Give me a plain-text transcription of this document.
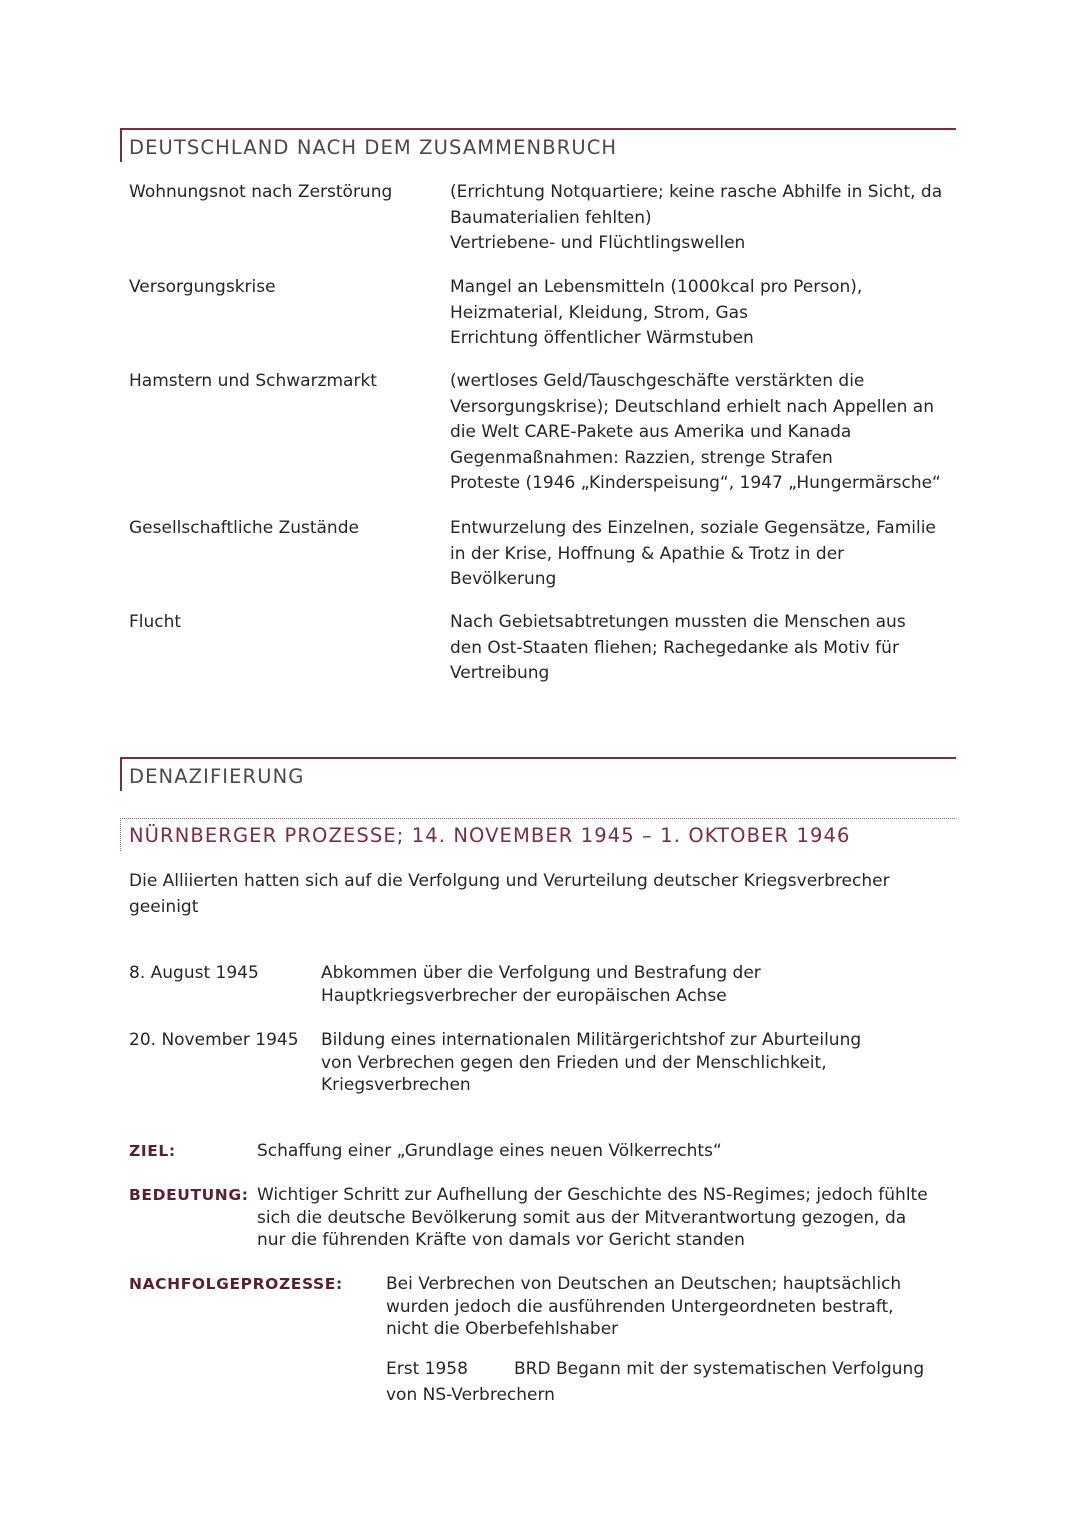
DEUTSCHLAND NACH DEM ZUSAMMENBRUCH
Wohnungsnot nach Zerstörung	(Errichtung Notquartiere; keine rasche Abhilfe in Sicht, da
Baumaterialien fehlten)
Vertriebene- und Flüchtlingswellen
Versorgungskrise	Mangel an Lebensmitteln (1000kcal pro Person),
Heizmaterial, Kleidung, Strom, Gas
Errichtung öffentlicher Wärmstuben
Hamstern und Schwarzmarkt	(wertloses Geld/Tauschgeschäfte verstärkten die
Versorgungskrise); Deutschland erhielt nach Appellen an
die Welt CARE-Pakete aus Amerika und Kanada
Gegenmaßnahmen: Razzien, strenge Strafen
Proteste (1946 „Kinderspeisung“, 1947 „Hungermärsche“
Gesellschaftliche Zustände	Entwurzelung des Einzelnen, soziale Gegensätze, Familie
in der Krise, Hoffnung & Apathie & Trotz in der
Bevölkerung
Flucht	Nach Gebietsabtretungen mussten die Menschen aus
den Ost-Staaten fliehen; Rachegedanke als Motiv für
Vertreibung
DENAZIFIERUNG
NÜRNBERGER PROZESSE; 14. NOVEMBER 1945 – 1. OKTOBER 1946
Die Alliierten hatten sich auf die Verfolgung und Verurteilung deutscher Kriegsverbrecher
geeinigt
8. August 1945	Abkommen über die Verfolgung und Bestrafung der
Hauptkriegsverbrecher der europäischen Achse
20. November 1945 Bildung eines internationalen Militärgerichtshof zur Aburteilung
von Verbrechen gegen den Frieden und der Menschlichkeit,
Kriegsverbrechen
ZIEL:	Schaffung einer „Grundlage eines neuen Völkerrechts“
BEDEUTUNG: Wichtiger Schritt zur Aufhellung der Geschichte des NS-Regimes; jedoch fühlte
sich die deutsche Bevölkerung somit aus der Mitverantwortung gezogen, da
nur die führenden Kräfte von damals vor Gericht standen
NACHFOLGEPROZESSE:	Bei Verbrechen von Deutschen an Deutschen; hauptsächlich
wurden jedoch die ausführenden Untergeordneten bestraft,
nicht die Oberbefehlshaber
Erst 1958	BRD Begann mit der systematischen Verfolgung
von NS-Verbrechern
